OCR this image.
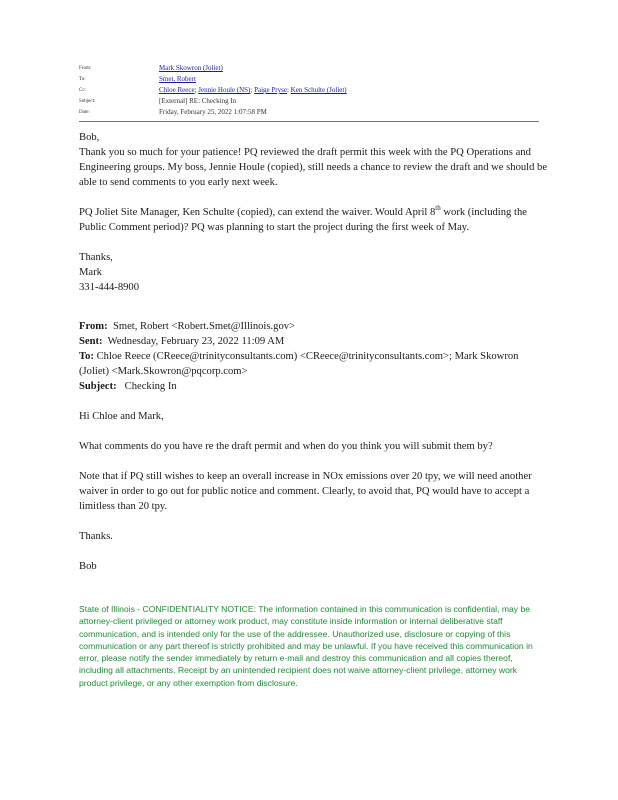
From:	Mark Skowron (Joliet)
To:	Smet, Robert
Cc:	Chloe Reece; Jennie Houle (NS); Paige Pryse; Ken Schulte (Joliet)
Subject:	[External] RE: Checking In
Date:	Friday, February 25, 2022 1:07:58 PM

Bob,

Thank you so much for your patience! PQ reviewed the draft permit this week with the PQ Operations and Engineering groups. My boss, Jennie Houle (copied), still needs a chance to review the draft and we should be able to send comments to you early next week.

PQ Joliet Site Manager, Ken Schulte (copied), can extend the waiver. Would April 8th work (including the Public Comment period)? PQ was planning to start the project during the first week of May.

Thanks,

Mark

331-444-8900

From: Smet, Robert <Robert.Smet@Illinois.gov>

Sent: Wednesday, February 23, 2022 11:09 AM

To: Chloe Reece (CReece@trinityconsultants.com) <CReece@trinityconsultants.com>; Mark Skowron (Joliet) <Mark.Skowron@pqcorp.com>

Subject: Checking In

Hi Chloe and Mark,

What comments do you have re the draft permit and when do you think you will submit them by?

Note that if PQ still wishes to keep an overall increase in NOx emissions over 20 tpy, we will need another waiver in order to go out for public notice and comment. Clearly, to avoid that, PQ would have to accept a limitless than 20 tpy.

Thanks.

Bob

State of Illinois - CONFIDENTIALITY NOTICE: The information contained in this communication is confidential, may be attorney-client privileged or attorney work product, may constitute inside information or internal deliberative staff communication, and is intended only for the use of the addressee. Unauthorized use, disclosure or copying of this communication or any part thereof is strictly prohibited and may be unlawful. If you have received this communication in error, please notify the sender immediately by return e-mail and destroy this communication and all copies thereof, including all attachments. Receipt by an unintended recipient does not waive attorney-client privilege, attorney work product privilege, or any other exemption from disclosure.
